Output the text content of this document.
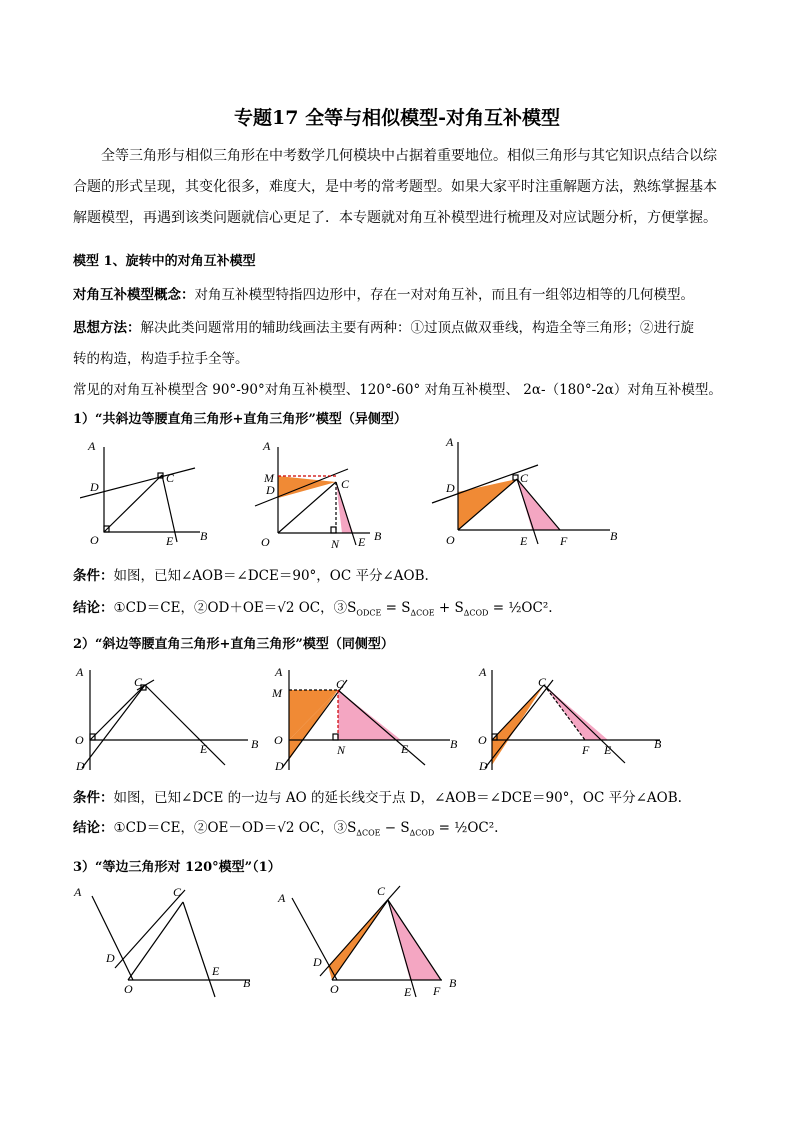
专题17 全等与相似模型-对角互补模型
全等三角形与相似三角形在中考数学几何模块中占据着重要地位。相似三角形与其它知识点结合以综合题的形式呈现，其变化很多，难度大，是中考的常考题型。如果大家平时注重解题方法，熟练掌握基本解题模型，再遇到该类问题就信心更足了．本专题就对角互补模型进行梳理及对应试题分析，方便掌握。
模型 1、旋转中的对角互补模型
对角互补模型概念：对角互补模型特指四边形中，存在一对对角互补，而且有一组邻边相等的几何模型。
思想方法：解决此类问题常用的辅助线画法主要有两种：①过顶点做双垂线，构造全等三角形；②进行旋
转的构造，构造手拉手全等。
常见的对角互补模型含 90°-90°对角互补模型、120°-60° 对角互补模型、 2α-（180°-2α）对角互补模型。
1）“共斜边等腰直角三角形+直角三角形”模型（异侧型）
A
D
C
O	E B
A
M
D	C
O	N E B
A
D
C
O	E	F	B
条件：如图，已知∠AOB＝∠DCE＝90°，OC 平分∠AOB.
结论：①CD＝CE，②OD＋OE＝√2 OC，$③S_{ODCE} = S_{\Delta COE} + S_{\Delta COD}$ = ½OC².
2）“斜边等腰直角三角形+直角三角形”模型（同侧型）
A
C
O
E	B
D
A
M
C
O
N	E	B
D
A
C
O
F E	B
D
条件：如图，已知∠DCE 的一边与 AO 的延长线交于点 D，∠AOB＝∠DCE＝90°，OC 平分∠AOB.
结论：①CD＝CE，②OE－OD＝√2 OC，$③S_{\Delta COE} - S_{\Delta COD}$ = ½OC².
3）“等边三角形对 120°模型”（1）
A	C
D
O
E
B
A	C
D
O	E F
B
